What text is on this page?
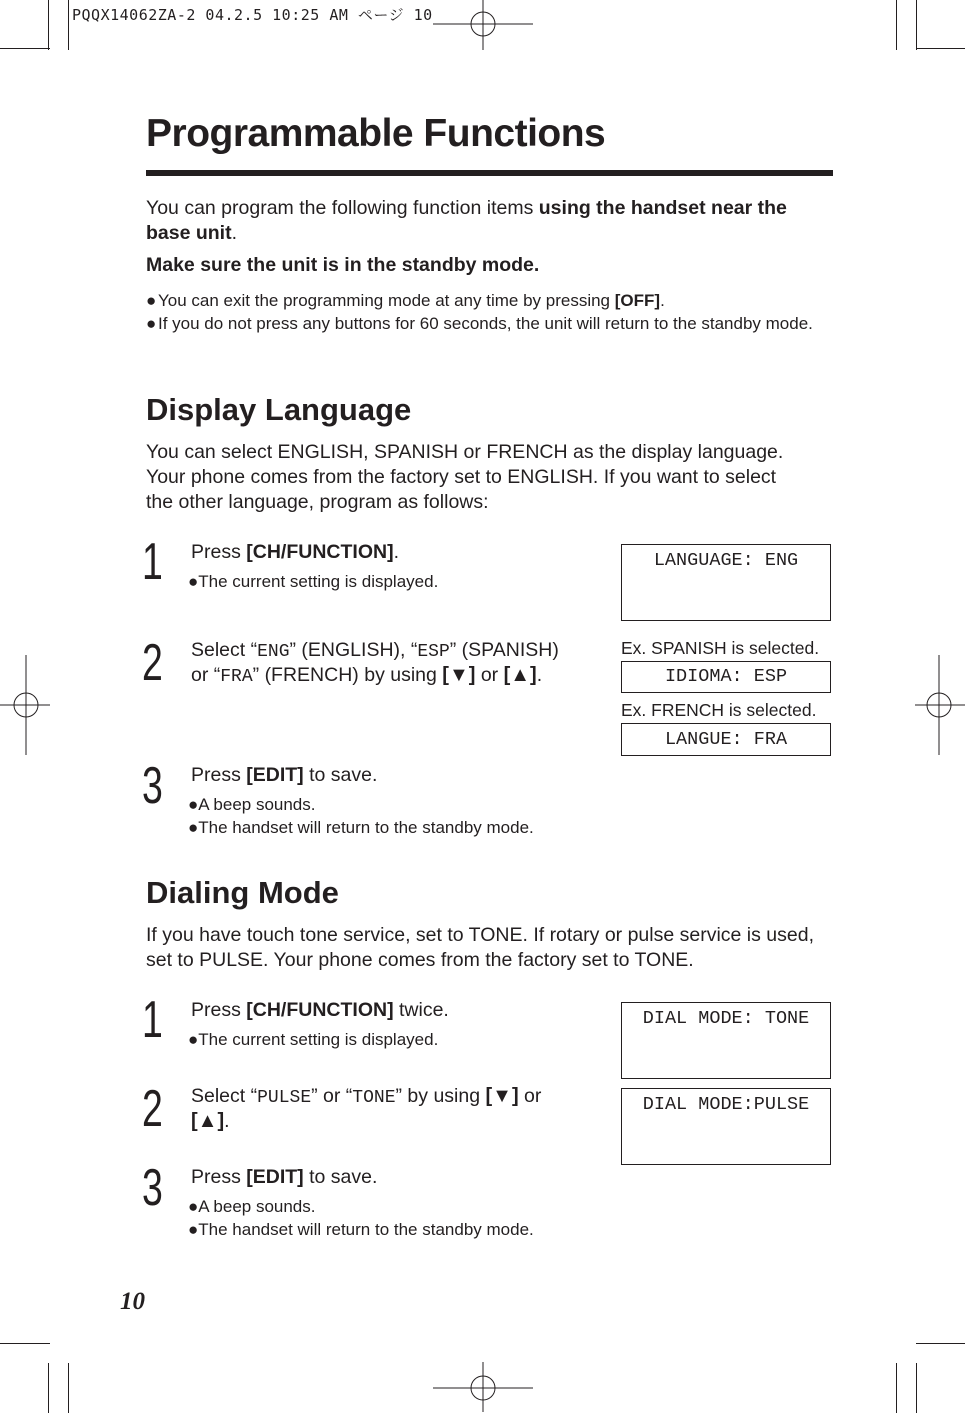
PQQX14062ZA-2 04.2.5 10:25 AM ページ 10
Programmable Functions
You can program the following function items using the handset near the base unit.
Make sure the unit is in the standby mode.
● You can exit the programming mode at any time by pressing [OFF].
● If you do not press any buttons for 60 seconds, the unit will return to the standby mode.
Display Language
You can select ENGLISH, SPANISH or FRENCH as the display language. Your phone comes from the factory set to ENGLISH. If you want to select the other language, program as follows:
1 Press [CH/FUNCTION].
●The current setting is displayed.
2 Select “ENG” (ENGLISH), “ESP” (SPANISH)
or “FRA” (FRENCH) by using [▼] or [▲].
3 Press [EDIT] to save.
●A beep sounds.
●The handset will return to the standby mode.
LANGUAGE: ENG
Ex. SPANISH is selected.
IDIOMA: ESP
Ex. FRENCH is selected.
LANGUE: FRA
Dialing Mode
If you have touch tone service, set to TONE. If rotary or pulse service is used, set to PULSE. Your phone comes from the factory set to TONE.
1 Press [CH/FUNCTION] twice.
●The current setting is displayed.
2 Select “PULSE” or “TONE” by using [▼] or
[▲].
3 Press [EDIT] to save.
●A beep sounds.
●The handset will return to the standby mode.
DIAL MODE: TONE
DIAL MODE:PULSE
10
